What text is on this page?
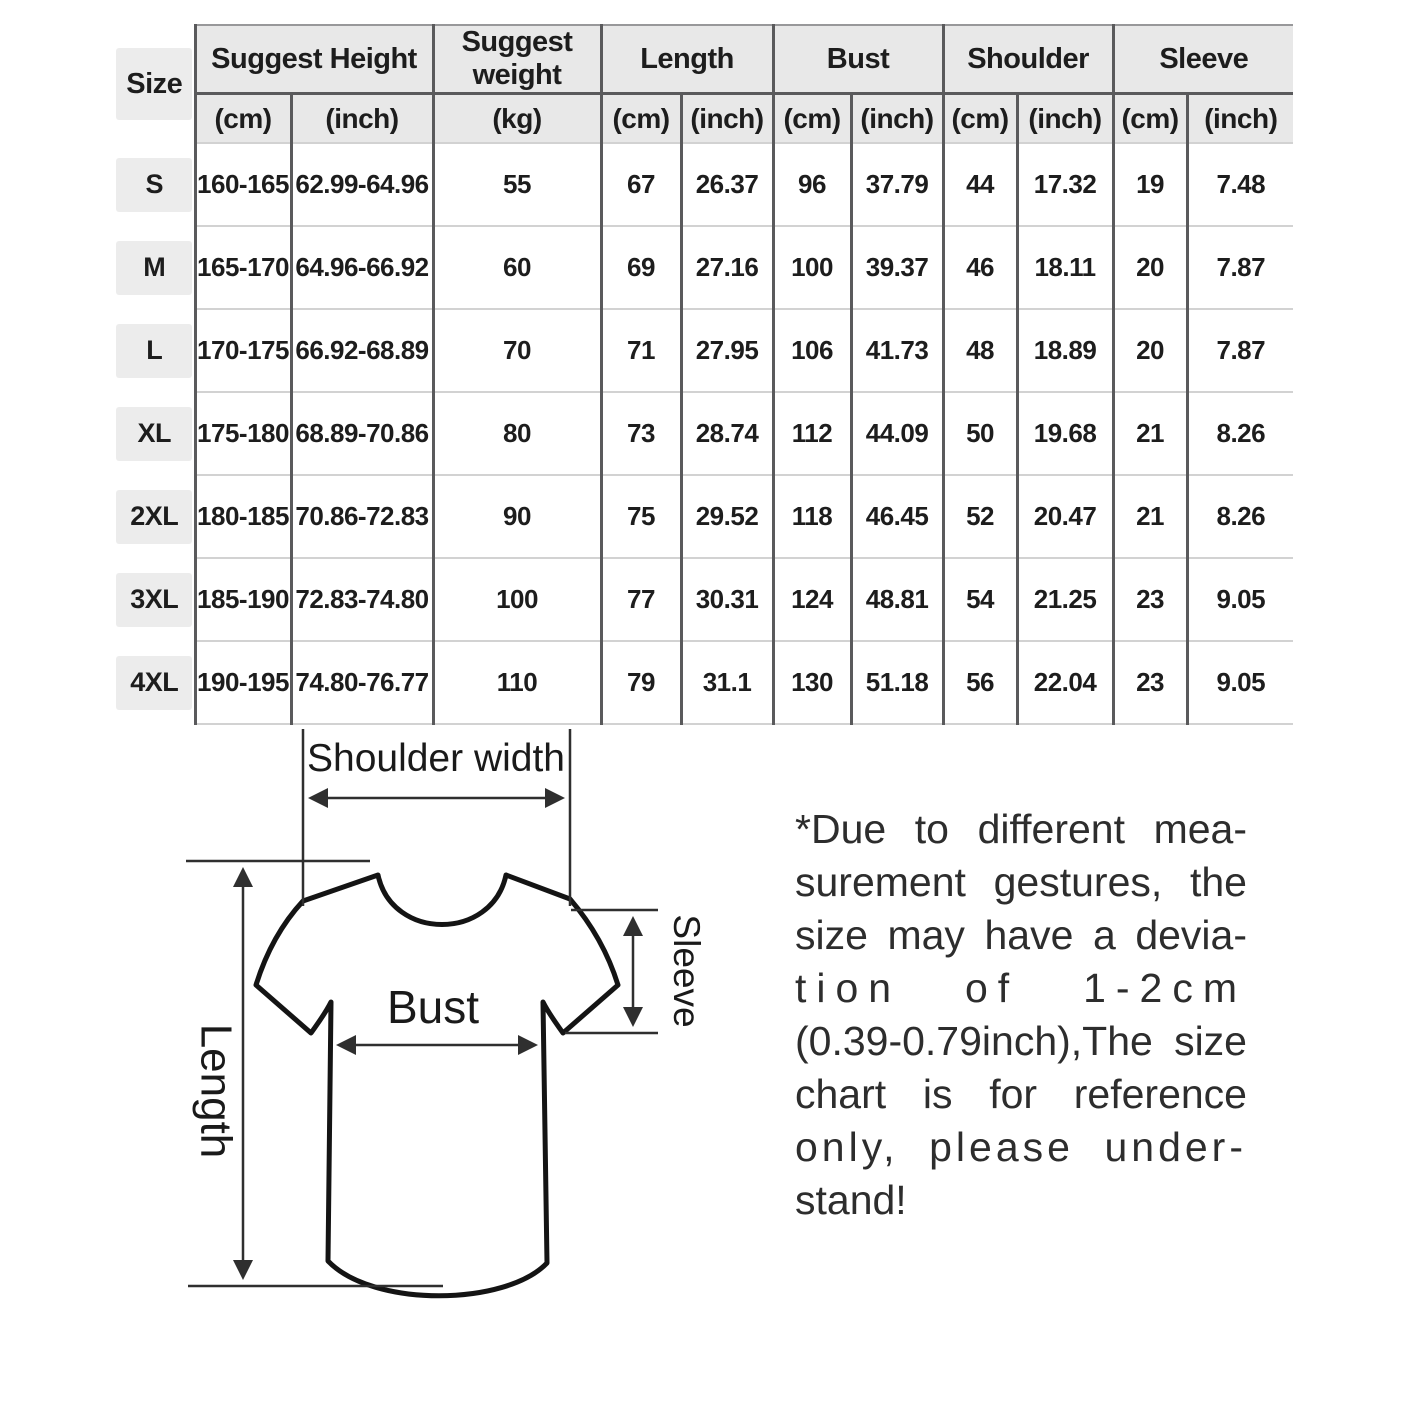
Size	Suggest Height		Suggest weight	Length		Bust		Shoulder		Sleeve	
	(cm)	(inch)	(kg)	(cm)	(inch)	(cm)	(inch)	(cm)	(inch)	(cm)	(inch)

S	160-165	62.99-64.96	55	67	26.37	96	37.79	44	17.32	19	7.48

M	165-170	64.96-66.92	60	69	27.16	100	39.37	46	18.11	20	7.87

L	170-175	66.92-68.89	70	71	27.95	106	41.73	48	18.89	20	7.87

XL	175-180	68.89-70.86	80	73	28.74	112	44.09	50	19.68	21	8.26

2XL	180-185	70.86-72.83	90	75	29.52	118	46.45	52	20.47	21	8.26

3XL	185-190	72.83-74.80	100	77	30.31	124	48.81	54	21.25	23	9.05

4XL	190-195	74.80-76.77	110	79	31.1	130	51.18	56	22.04	23	9.05
Shoulder width
Bust	Sleeve
Length
*Due to different mea-
surement gestures, the
size may have a devia-
tion of 1-2cm
(0.39-0.79inch),The size
chart is for reference
only, please under-
stand!
